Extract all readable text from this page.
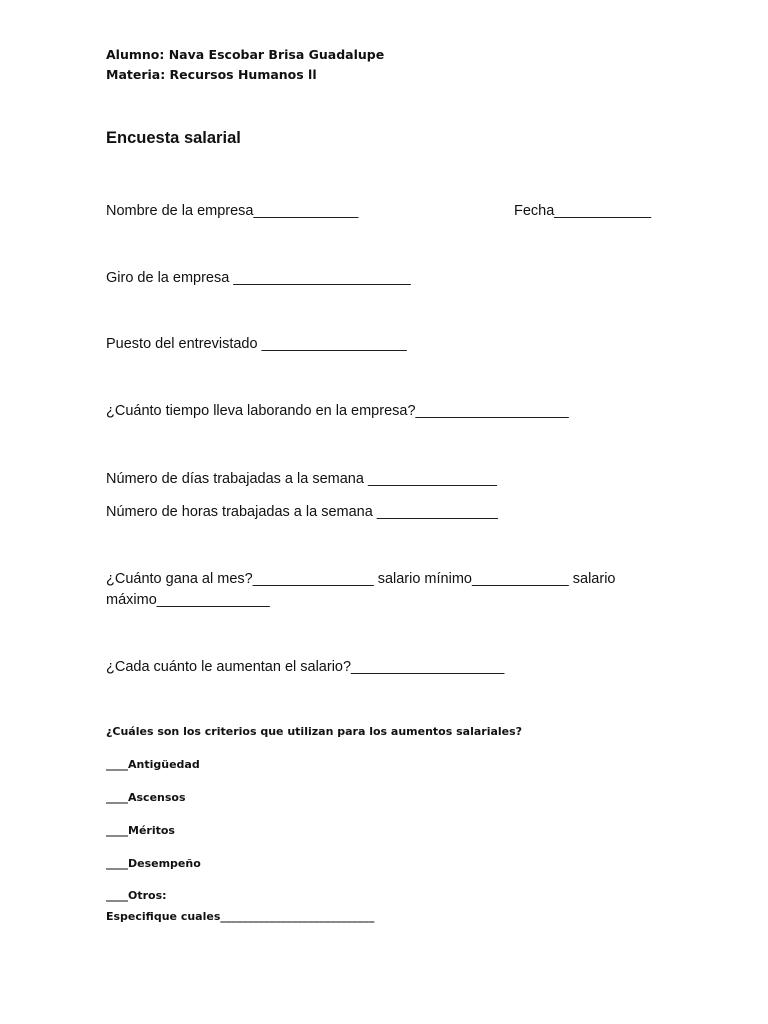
Alumno: Nava Escobar Brisa Guadalupe
Materia: Recursos Humanos ll
Encuesta salarial
Nombre de la empresa_____________	Fecha____________
Giro de la empresa ______________________
Puesto del entrevistado __________________
¿Cuánto tiempo lleva laborando en la empresa?___________________
Número de días trabajadas a la semana ________________
Número de horas trabajadas a la semana _______________
¿Cuánto gana al mes?_______________ salario mínimo____________ salario
máximo______________
¿Cada cuánto le aumentan el salario?___________________
¿Cuáles son los criterios que utilizan para los aumentos salariales?
____Antigüedad
____Ascensos
____Méritos
____Desempeño
____Otros:
Especifique cuales____________________________
